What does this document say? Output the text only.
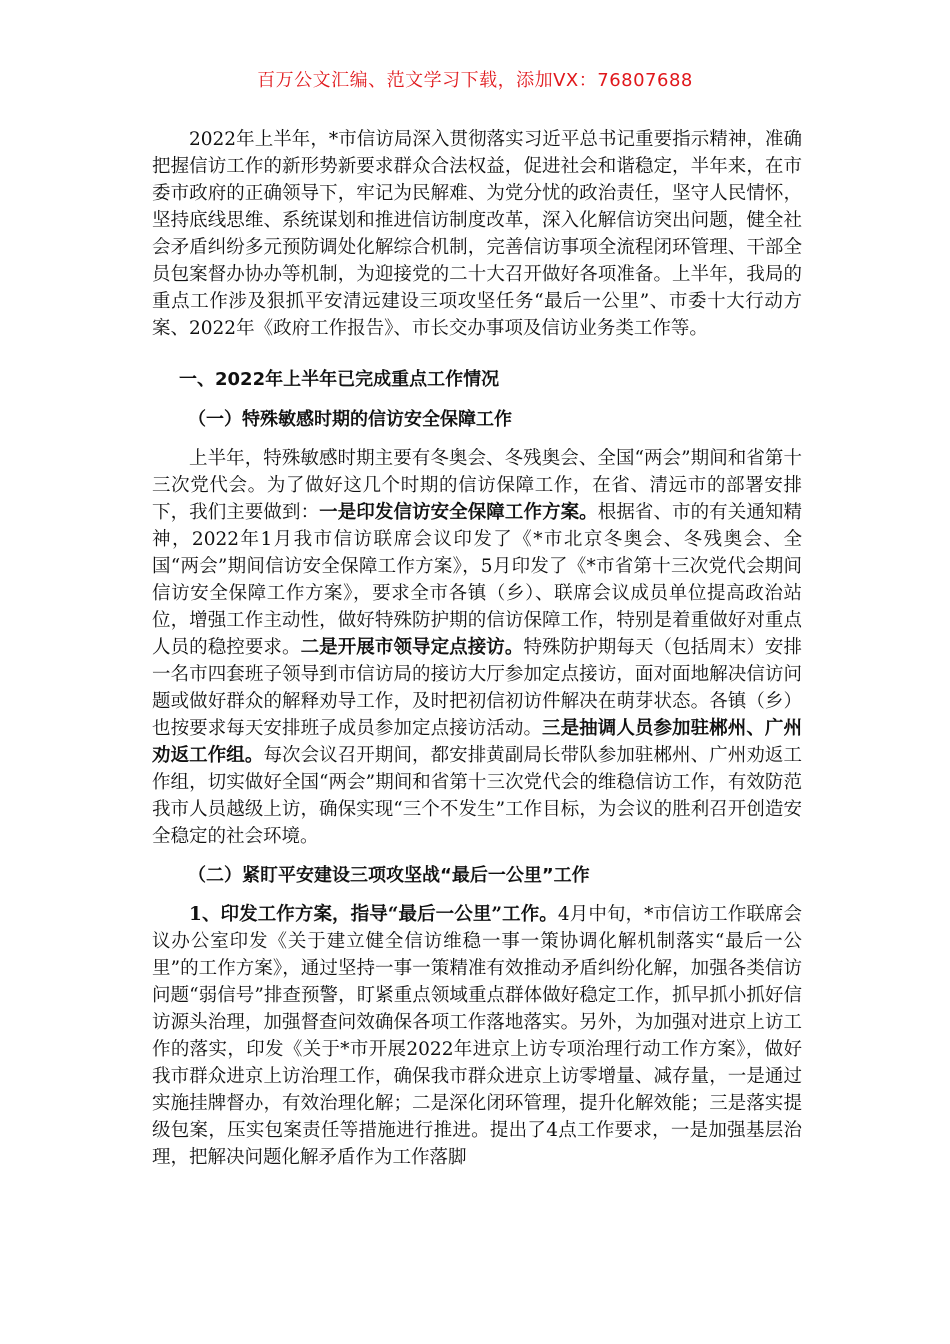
百万公文汇编、范文学习下载，添加VX：76807688

2022年上半年，*市信访局深入贯彻落实习近平总书记重要指示精神，准确把握信访工作的新形势新要求群众合法权益，促进社会和谐稳定，半年来，在市委市政府的正确领导下，牢记为民解难、为党分忧的政治责任，坚守人民情怀，坚持底线思维、系统谋划和推进信访制度改革，深入化解信访突出问题，健全社会矛盾纠纷多元预防调处化解综合机制，完善信访事项全流程闭环管理、干部全员包案督办协办等机制，为迎接党的二十大召开做好各项准备。上半年，我局的重点工作涉及狠抓平安清远建设三项攻坚任务“最后一公里”、市委十大行动方案、2022年《政府工作报告》、市长交办事项及信访业务类工作等。

一、2022年上半年已完成重点工作情况
（一）特殊敏感时期的信访安全保障工作

上半年，特殊敏感时期主要有冬奥会、冬残奥会、全国“两会”期间和省第十三次党代会。为了做好这几个时期的信访保障工作，在省、清远市的部署安排下，我们主要做到：一是印发信访安全保障工作方案。根据省、市的有关通知精神，2022年1月我市信访联席会议印发了《*市北京冬奥会、冬残奥会、全国“两会”期间信访安全保障工作方案》，5月印发了《*市省第十三次党代会期间信访安全保障工作方案》，要求全市各镇（乡）、联席会议成员单位提高政治站位，增强工作主动性，做好特殊防护期的信访保障工作，特别是着重做好对重点人员的稳控要求。二是开展市领导定点接访。特殊防护期每天（包括周末）安排一名市四套班子领导到市信访局的接访大厅参加定点接访，面对面地解决信访问题或做好群众的解释劝导工作，及时把初信初访件解决在萌芽状态。各镇（乡）也按要求每天安排班子成员参加定点接访活动。三是抽调人员参加驻郴州、广州劝返工作组。每次会议召开期间，都安排黄副局长带队参加驻郴州、广州劝返工作组，切实做好全国“两会”期间和省第十三次党代会的维稳信访工作，有效防范我市人员越级上访，确保实现“三个不发生”工作目标，为会议的胜利召开创造安全稳定的社会环境。

（二）紧盯平安建设三项攻坚战“最后一公里”工作

1、印发工作方案，指导“最后一公里”工作。4月中旬，*市信访工作联席会议办公室印发《关于建立健全信访维稳一事一策协调化解机制落实“最后一公里”的工作方案》，通过坚持一事一策精准有效推动矛盾纠纷化解，加强各类信访问题“弱信号”排查预警，盯紧重点领域重点群体做好稳定工作，抓早抓小抓好信访源头治理，加强督查问效确保各项工作落地落实。另外，为加强对进京上访工作的落实，印发《关于*市开展2022年进京上访专项治理行动工作方案》，做好我市群众进京上访治理工作，确保我市群众进京上访零增量、减存量，一是通过实施挂牌督办，有效治理化解；二是深化闭环管理，提升化解效能；三是落实提级包案，压实包案责任等措施进行推进。提出了4点工作要求，一是加强基层治理，把解决问题化解矛盾作为工作落脚
